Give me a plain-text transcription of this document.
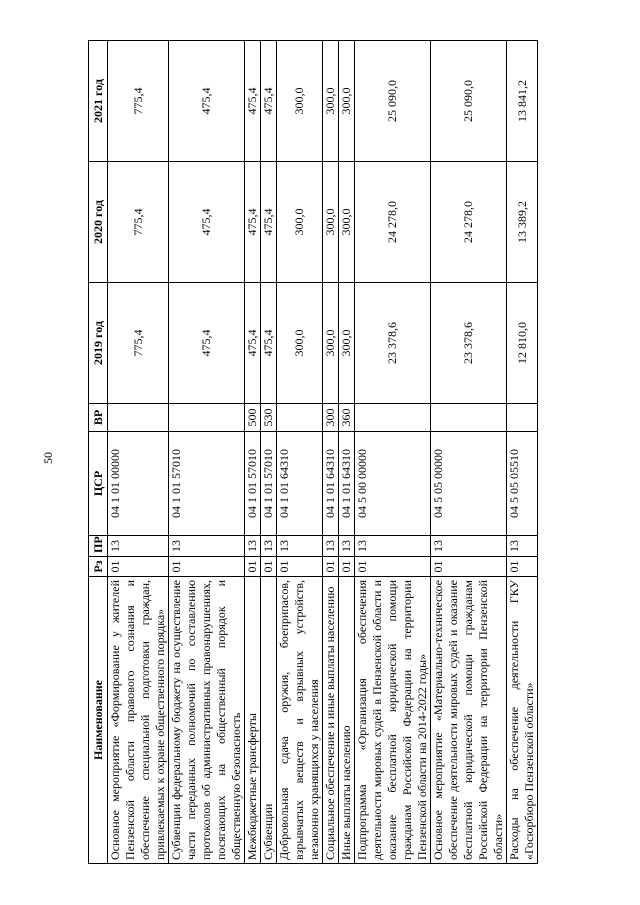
50
Наименование	Рз	ПР	ЦСР	ВР	2019 год	2020 год	2021 год
Основное мероприятие «Формирование у жителей Пензенской области правового сознания и обеспечение специальной подготовки граждан, привлекаемых к охране общественного порядка»	01	13	04 1 01 00000		775,4	775,4	775,4
Субвенции федеральному бюджету на осуществление части переданных полномочий по составлению протоколов об административных правонарушениях, посягающих на общественный порядок и общественную безопасность	01	13	04 1 01 57010		475,4	475,4	475,4
Межбюджетные трансферты	01	13	04 1 01 57010	500	475,4	475,4	475,4
Субвенции	01	13	04 1 01 57010	530	475,4	475,4	475,4
Добровольная сдача оружия, боеприпасов, взрывчатых веществ и взрывных устройств, незаконно хранящихся у населения	01	13	04 1 01 64310		300,0	300,0	300,0
Социальное обеспечение и иные выплаты населению	01	13	04 1 01 64310	300	300,0	300,0	300,0
Иные выплаты населению	01	13	04 1 01 64310	360	300,0	300,0	300,0
Подпрограмма «Организация обеспечения деятельности мировых судей в Пензенской области и оказание бесплатной юридической помощи гражданам Российской Федерации на территории Пензенской области на 2014-2022 годы»	01	13	04 5 00 00000		23 378,6	24 278,0	25 090,0
Основное мероприятие «Материально-техническое обеспечение деятельности мировых судей и оказание бесплатной юридической помощи гражданам Российской Федерации на территории Пензенской области»	01	13	04 5 05 00000		23 378,6	24 278,0	25 090,0
Расходы на обеспечение деятельности ГКУ «Госюрбюро Пензенской области»	01	13	04 5 05 05510		12 810,0	13 389,2	13 841,2
